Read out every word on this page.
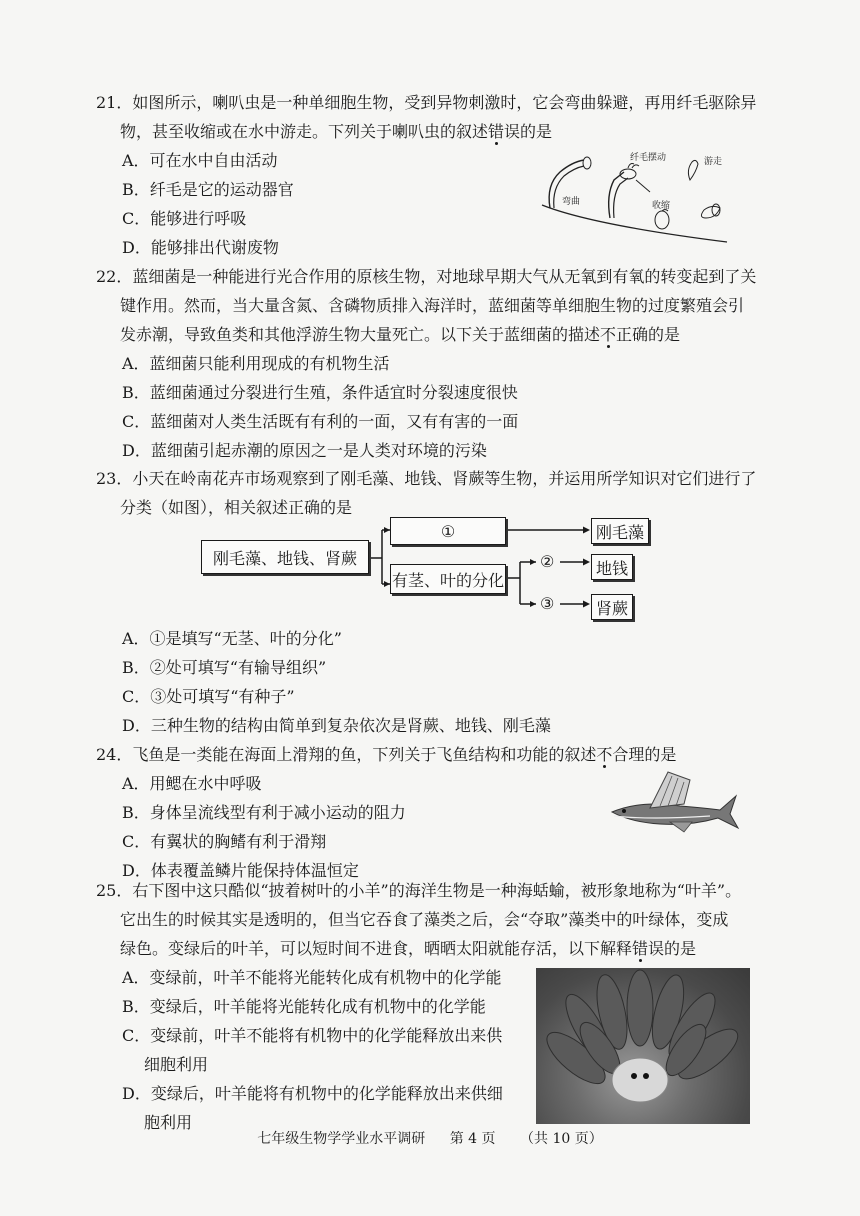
21．如图所示，喇叭虫是一种单细胞生物，受到异物刺激时，它会弯曲躲避，再用纤毛驱除异
物，甚至收缩或在水中游走。下列关于喇叭虫的叙述错误的是

A．可在水中自由活动

B．纤毛是它的运动器官

C．能够进行呼吸

D．能够排出代谢废物

弯曲
纤毛摆动
收缩
游走

22．蓝细菌是一种能进行光合作用的原核生物，对地球早期大气从无氧到有氧的转变起到了关
键作用。然而，当大量含氮、含磷物质排入海洋时，蓝细菌等单细胞生物的过度繁殖会引
发赤潮，导致鱼类和其他浮游生物大量死亡。以下关于蓝细菌的描述不正确的是

A．蓝细菌只能利用现成的有机物生活

B．蓝细菌通过分裂进行生殖，条件适宜时分裂速度很快

C．蓝细菌对人类生活既有有利的一面，又有有害的一面

D．蓝细菌引起赤潮的原因之一是人类对环境的污染

23．小天在岭南花卉市场观察到了刚毛藻、地钱、肾蕨等生物，并运用所学知识对它们进行了
分类（如图），相关叙述正确的是

刚毛藻、地钱、肾蕨
①
有茎、叶的分化
②
③
刚毛藻
地钱
肾蕨

A．①是填写“无茎、叶的分化”

B．②处可填写“有输导组织”

C．③处可填写“有种子”

D．三种生物的结构由简单到复杂依次是肾蕨、地钱、刚毛藻

24．飞鱼是一类能在海面上滑翔的鱼，下列关于飞鱼结构和功能的叙述不合理的是

A．用鳃在水中呼吸

B．身体呈流线型有利于减小运动的阻力

C．有翼状的胸鳍有利于滑翔

D．体表覆盖鳞片能保持体温恒定

25．右下图中这只酷似“披着树叶的小羊”的海洋生物是一种海蛞蝓，被形象地称为“叶羊”。
它出生的时候其实是透明的，但当它吞食了藻类之后，会“夺取”藻类中的叶绿体，变成
绿色。变绿后的叶羊，可以短时间不进食，晒晒太阳就能存活，以下解释错误的是

A．变绿前，叶羊不能将光能转化成有机物中的化学能

B．变绿后，叶羊能将光能转化成有机物中的化学能

C．变绿前，叶羊不能将有机物中的化学能释放出来供细胞利用

D．变绿后，叶羊能将有机物中的化学能释放出来供细胞利用

七年级生物学学业水平调研 第 4 页 （共 10 页）
